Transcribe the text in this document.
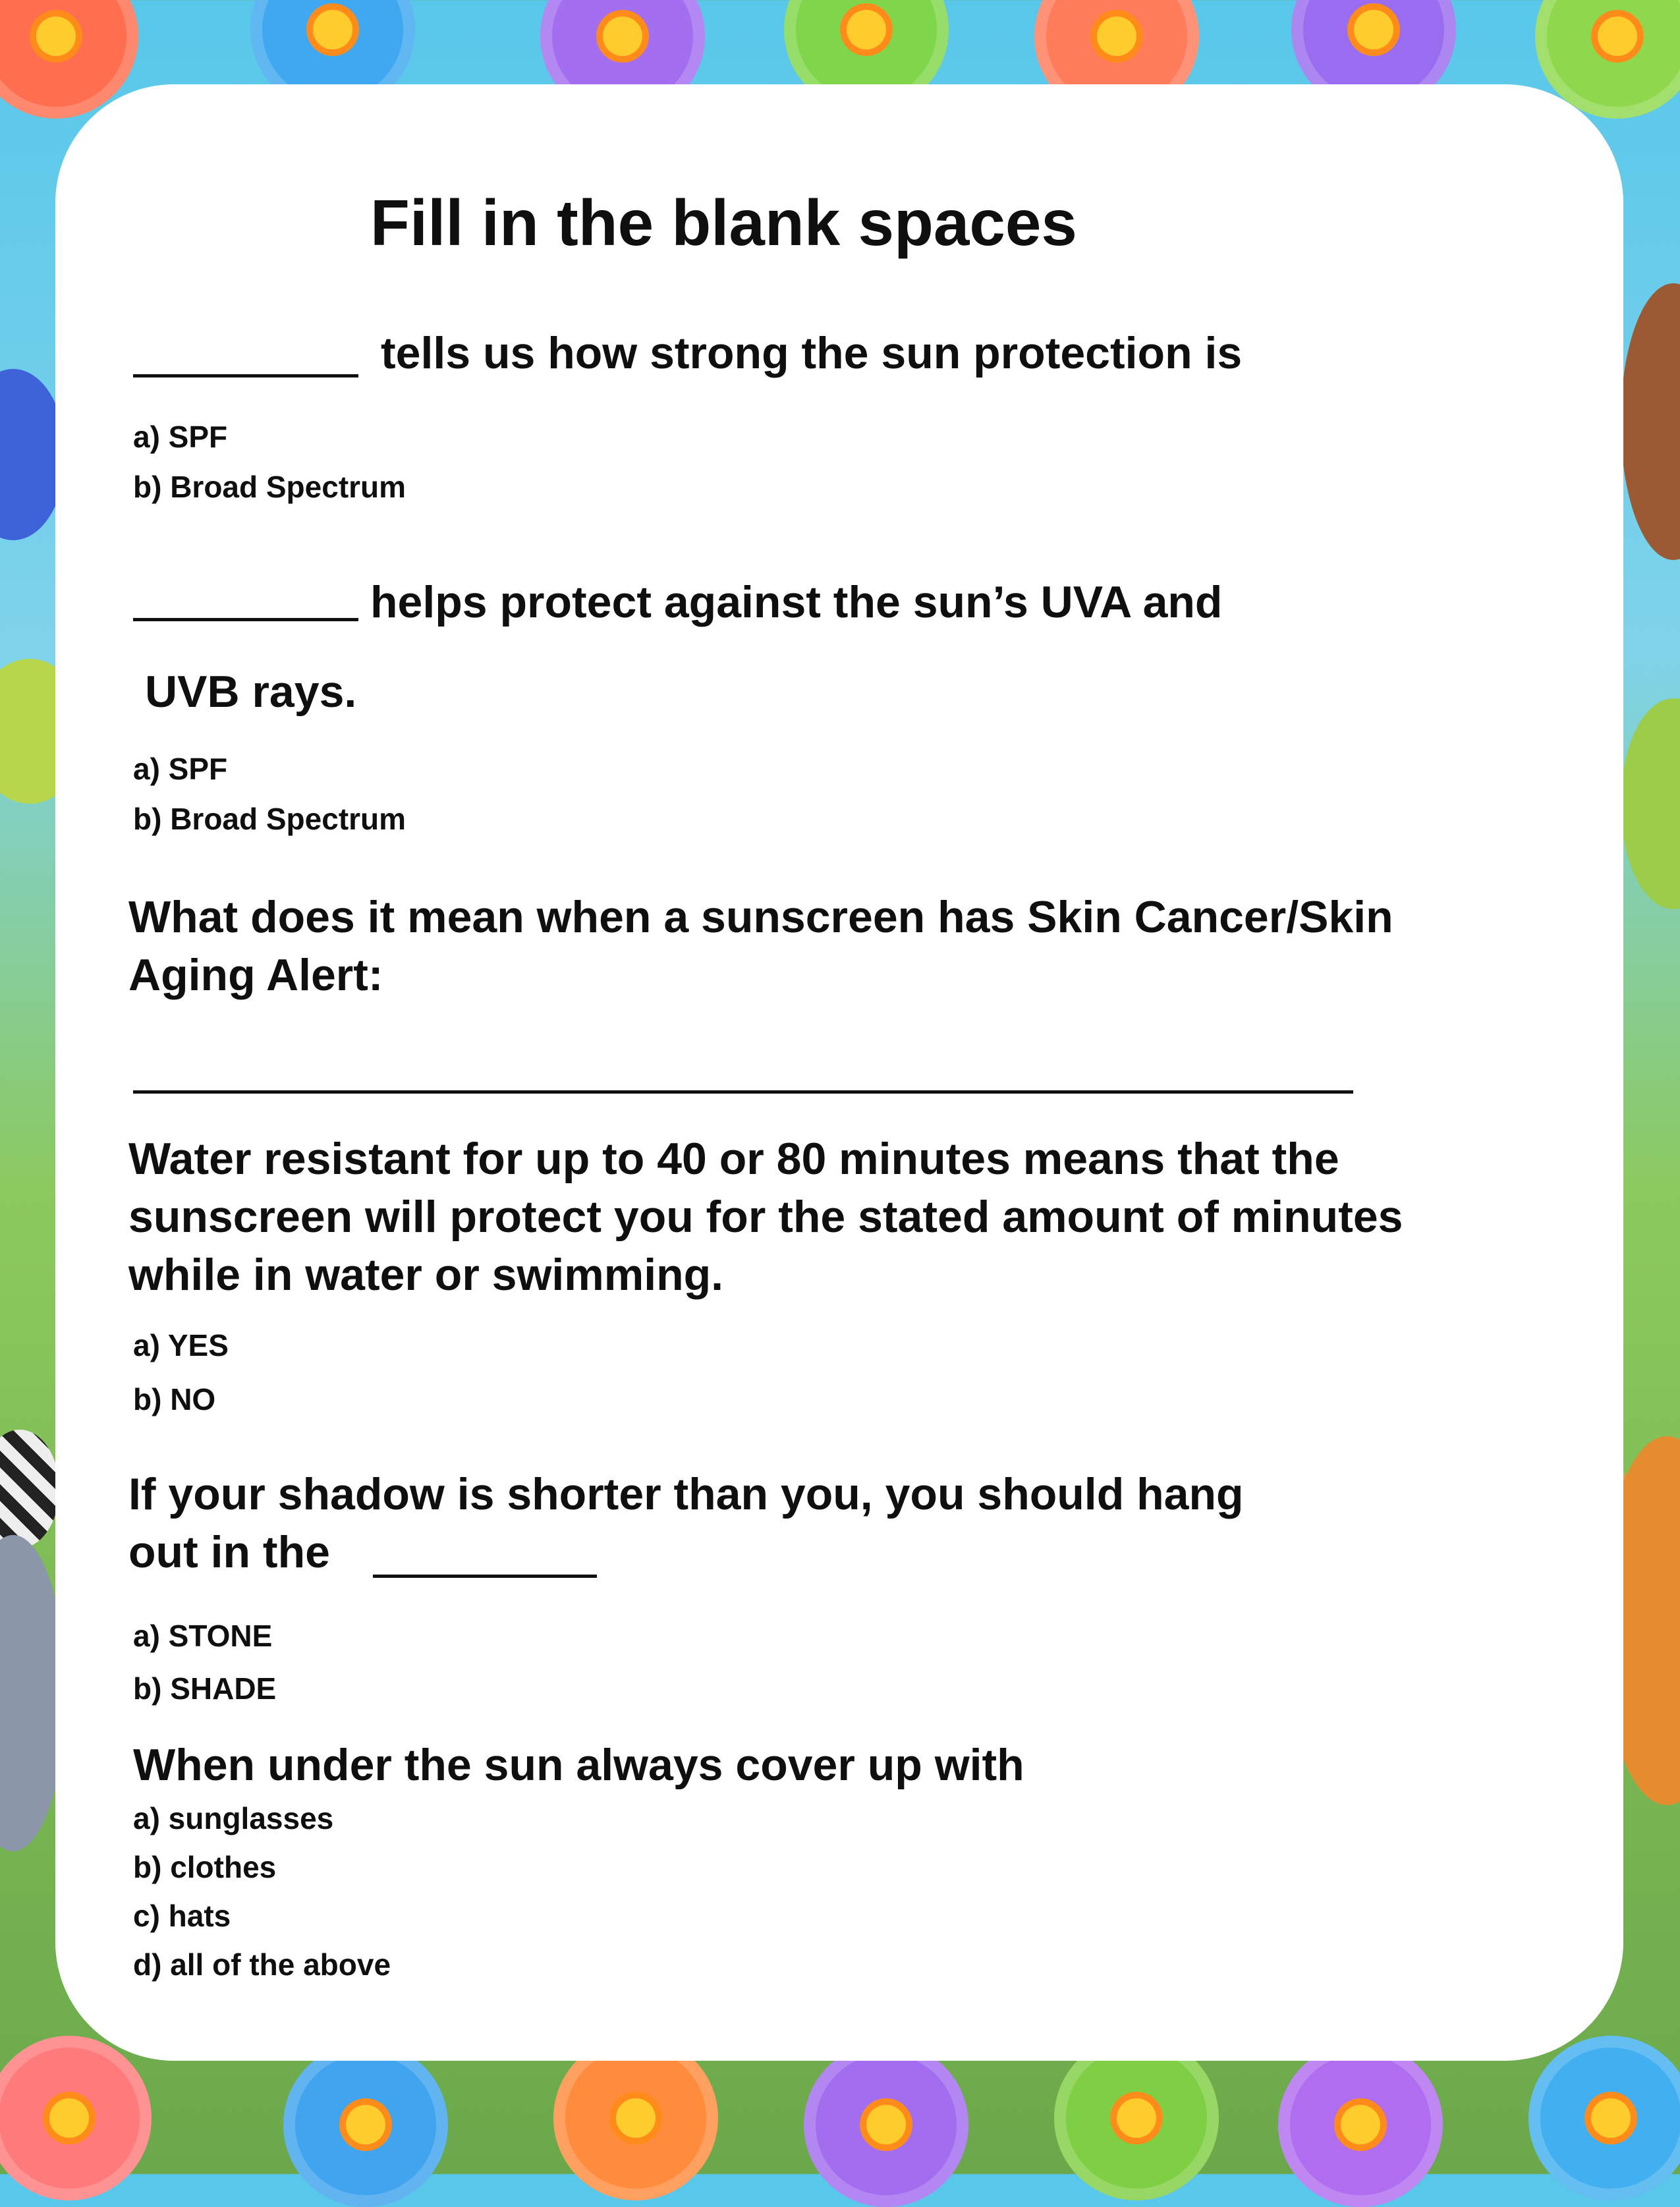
Fill in the blank spaces
tells us how strong the sun protection is
a) SPF
b) Broad Spectrum
helps protect against the sun’s UVA and
UVB rays.
a) SPF
b) Broad Spectrum
What does it mean when a sunscreen has Skin Cancer/Skin
Aging Alert:
Water resistant for up to 40 or 80 minutes means that the
sunscreen will protect you for the stated amount of minutes
while in water or swimming.
a) YES
b) NO
If your shadow is shorter than you, you should hang
out in the
a) STONE
b) SHADE
When under the sun always cover up with
a) sunglasses
b) clothes
c) hats
d) all of the above
